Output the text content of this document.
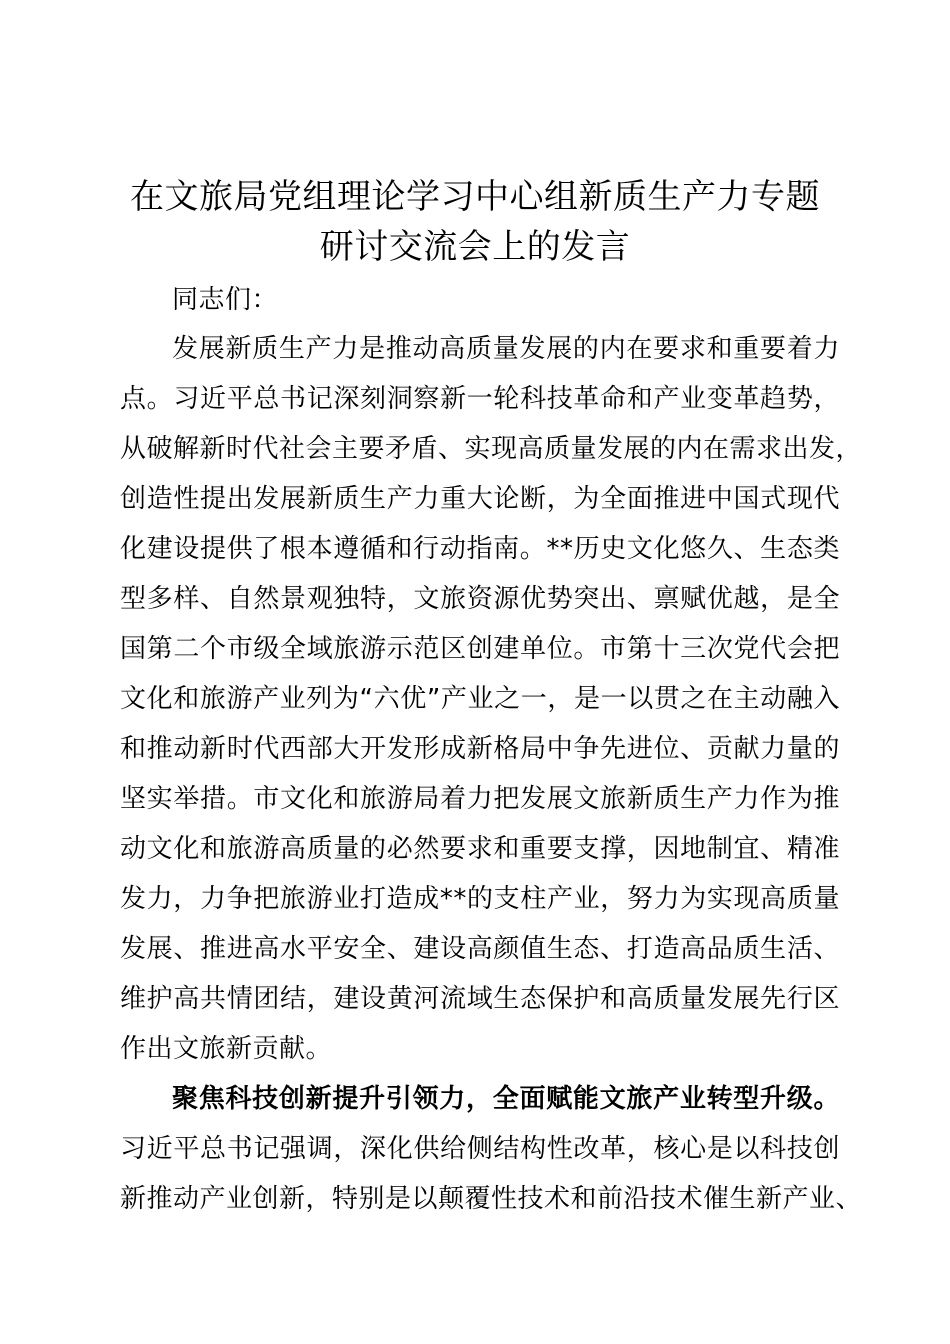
在文旅局党组理论学习中心组新质生产力专题
研讨交流会上的发言
同志们：
发展新质生产力是推动高质量发展的内在要求和重要着力
点。习近平总书记深刻洞察新一轮科技革命和产业变革趋势，
从破解新时代社会主要矛盾、实现高质量发展的内在需求出发，
创造性提出发展新质生产力重大论断，为全面推进中国式现代
化建设提供了根本遵循和行动指南。**历史文化悠久、生态类
型多样、自然景观独特，文旅资源优势突出、禀赋优越，是全
国第二个市级全域旅游示范区创建单位。市第十三次党代会把
文化和旅游产业列为“六优”产业之一，是一以贯之在主动融入
和推动新时代西部大开发形成新格局中争先进位、贡献力量的
坚实举措。市文化和旅游局着力把发展文旅新质生产力作为推
动文化和旅游高质量的必然要求和重要支撑，因地制宜、精准
发力，力争把旅游业打造成**的支柱产业，努力为实现高质量
发展、推进高水平安全、建设高颜值生态、打造高品质生活、
维护高共情团结，建设黄河流域生态保护和高质量发展先行区
作出文旅新贡献。
聚焦科技创新提升引领力，全面赋能文旅产业转型升级。
习近平总书记强调，深化供给侧结构性改革，核心是以科技创
新推动产业创新，特别是以颠覆性技术和前沿技术催生新产业、
